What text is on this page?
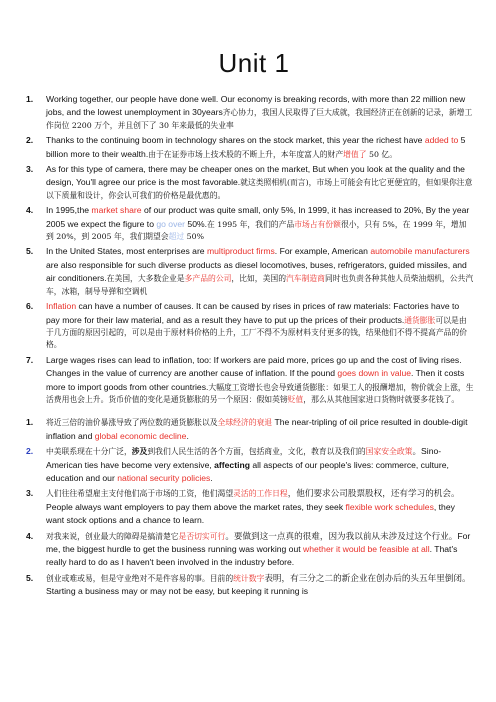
Unit 1
1. Working together, our people have done well. Our economy is breaking records, with more than 22 million new jobs, and the lowest unemployment in 30years齐心协力，我国人民取得了巨大成就，我国经济正在创新的记录，新增工作岗位 2200 万个，并且创下了 30 年来最低的失业率
2. Thanks to the continuing boom in technology shares on the stock market, this year the richest have added to 5 billion more to their wealth.由于在证券市场上技术股的不断上升，本年度富人的财产增值了 50 亿。
3. As for this type of camera, there may be cheaper ones on the market, But when you look at the quality and the design, You'll agree our price is the most favorable.就这类照相机(而言)，市场上可能会有比它更便宜的，但如果你注意以下质量和设计，你会认可我们的价格是最优惠的。
4. In 1995,the market share of our product was quite small, only 5%, In 1999, it has increased to 20%, By the year 2005 we expect the figure to go over 50%.在 1995 年，我们的产品市场占有份额很小，只有 5%，在 1999 年，增加到 20%，到 2005 年，我们期望会超过 50%
5. In the United States, most enterprises are multiproduct firms. For example, American automobile manufacturers are also responsible for such diverse products as diesel locomotives, buses, refrigerators, guided missiles, and air conditioners.在美国，大多数企业是多产品的公司，比如，美国的汽车制造商同时也负责各种其他人员柴油烟机，公共汽车，冰箱，制导导弹和空调机
6. Inflation can have a number of causes. It can be caused by rises in prices of raw materials: Factories have to pay more for their law material, and as a result they have to put up the prices of their products.通货膨胀可以是由于几方面的原因引起的，可以是由于原材料价格的上升，工厂不得不为原材料支付更多的钱，结果他们不得不提高产品的价格。
7. Large wages rises can lead to inflation, too: If workers are paid more, prices go up and the cost of living rises. Changes in the value of currency are another cause of inflation. If the pound goes down in value. Then it costs more to import goods from other countries.大幅度工资增长也会导致通货膨胀：如果工人的报酬增加，物价就会上涨，生活费用也会上升。货币价值的变化是通货膨胀的另一个原因：假如英镑贬值，那么从其他国家进口货物时就要多花钱了。
1. 将近三倍的油价暴涨导致了两位数的通货膨胀以及全球经济的衰退 The near-tripling of oil price resulted in double-digit inflation and global economic decline.
2. 中美联系现在十分广泛，涉及到我们人民生活的各个方面，包括商业，文化，教育以及我们的国家安全政策。Sino-American ties have become very extensive, affecting all aspects of our people's lives: commerce, culture, education and our national security policies.
3. 人们往往希望雇主支付他们高于市场的工资，他们渴望灵活的工作日程，他们要求公司股票股权，还有学习的机会。People always want employers to pay them above the market rates, they seek flexible work schedules, they want stock options and a chance to learn.
4. 对我来说，创业最大的障碍是搞清楚它是否切实可行。要做到这一点真的很难，因为我以前从未涉及过这个行业。For me, the biggest hurdle to get the business running was working out whether it would be feasible at all. That's really hard to do as I haven't been involved in the industry before.
5. 创业或难或易，但是守业绝对不是件容易的事。目前的统计数字表明，有三分之二的新企业在创办后的头五年里倒闭。Starting a business may or may not be easy, but keeping it running is
